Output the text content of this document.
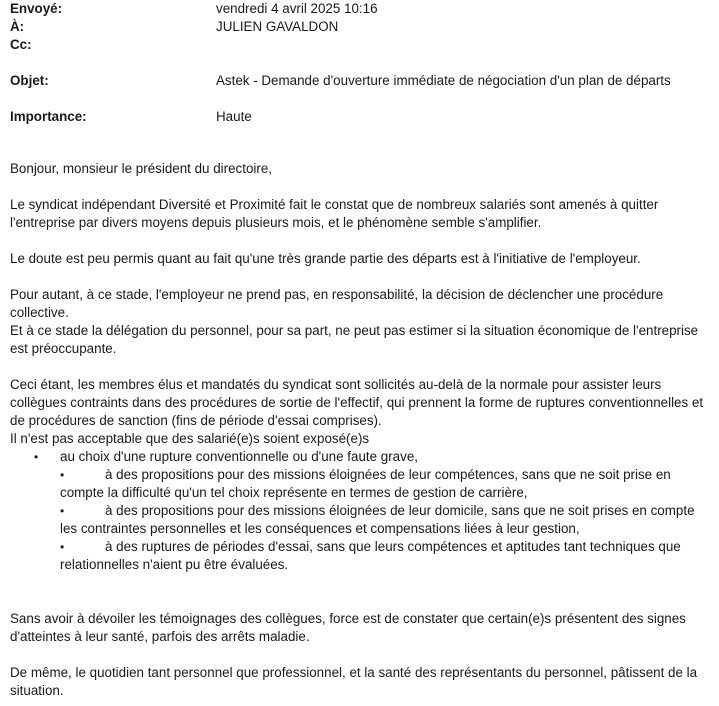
Envoyé:	vendredi 4 avril 2025 10:16
À:	JULIEN GAVALDON
Cc:
Objet:	Astek - Demande d'ouverture immédiate de négociation d'un plan de départs
Importance:	Haute

Bonjour, monsieur le président du directoire,

Le syndicat indépendant Diversité et Proximité fait le constat que de nombreux salariés sont amenés à quitter l'entreprise par divers moyens depuis plusieurs mois, et le phénomène semble s'amplifier.

Le doute est peu permis quant au fait qu'une très grande partie des départs est à l'initiative de l'employeur.

Pour autant, à ce stade, l'employeur ne prend pas, en responsabilité, la décision de déclencher une procédure collective.

Et à ce stade la délégation du personnel, pour sa part, ne peut pas estimer si la situation économique de l'entreprise est préoccupante.

Ceci étant, les membres élus et mandatés du syndicat sont sollicités au-delà de la normale pour assister leurs collègues contraints dans des procédures de sortie de l'effectif, qui prennent la forme de ruptures conventionnelles et de procédures de sanction (fins de période d'essai comprises).

Il n'est pas acceptable que des salarié(e)s soient exposé(e)s

• au choix d'une rupture conventionnelle ou d'une faute grave,
•	à des propositions pour des missions éloignées de leur compétences, sans que ne soit prise en compte la difficulté qu'un tel choix représente en termes de gestion de carrière,
•	à des propositions pour des missions éloignées de leur domicile, sans que ne soit prises en compte les contraintes personnelles et les conséquences et compensations liées à leur gestion,
•	à des ruptures de périodes d'essai, sans que leurs compétences et aptitudes tant techniques que relationnelles n'aient pu être évaluées.

Sans avoir à dévoiler les témoignages des collègues, force est de constater que certain(e)s présentent des signes d'atteintes à leur santé, parfois des arrêts maladie.

De même, le quotidien tant personnel que professionnel, et la santé des représentants du personnel, pâtissent de la situation.
